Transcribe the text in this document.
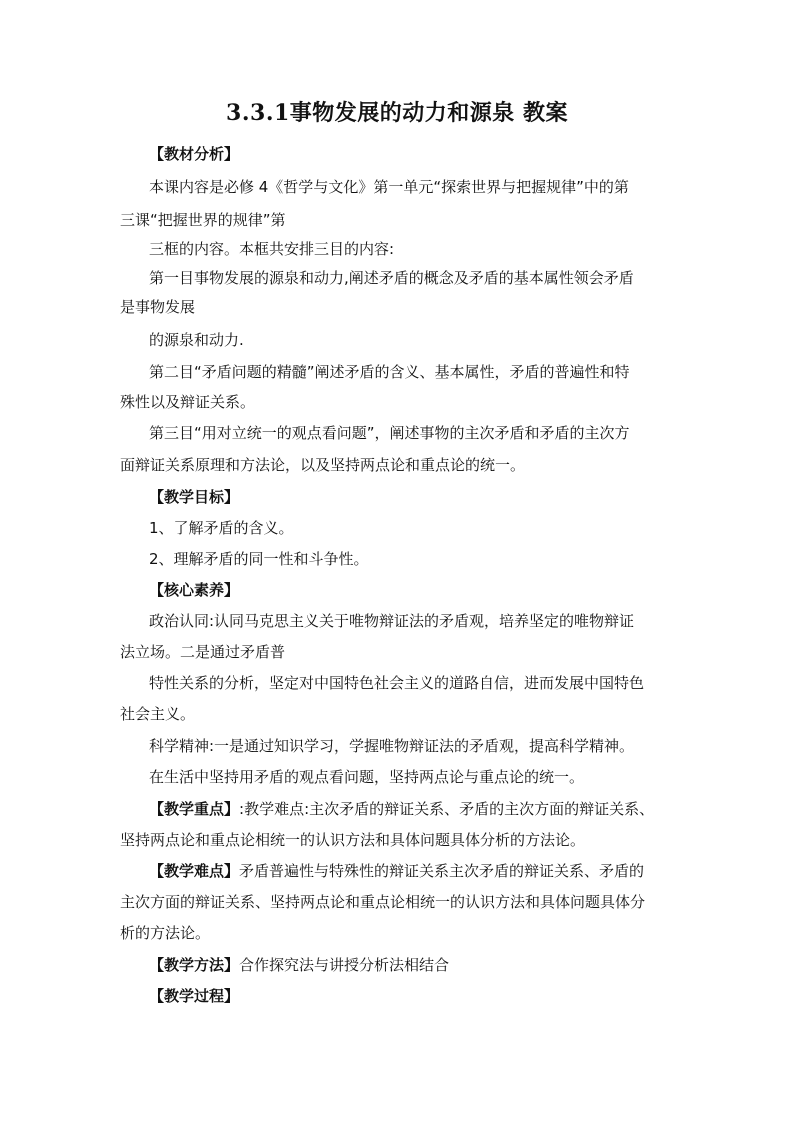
3.3.1事物发展的动力和源泉 教案
【教材分析】
本课内容是必修 4《哲学与文化》第一单元“探索世界与把握规律”中的第
三课“把握世界的规律”第
三框的内容。本框共安排三目的内容:
第一目事物发展的源泉和动力,阐述矛盾的概念及矛盾的基本属性领会矛盾
是事物发展
的源泉和动力.
第二目“矛盾问题的精髓”阐述矛盾的含义、基本属性，矛盾的普遍性和特
殊性以及辩证关系。
第三目“用对立统一的观点看问题”，阐述事物的主次矛盾和矛盾的主次方
面辩证关系原理和方法论，以及坚持两点论和重点论的统一。
【教学目标】
1、了解矛盾的含义。
2、理解矛盾的同一性和斗争性。
【核心素养】
政治认同:认同马克思主义关于唯物辩证法的矛盾观，培养坚定的唯物辩证
法立场。二是通过矛盾普
特性关系的分析，坚定对中国特色社会主义的道路自信，进而发展中国特色
社会主义。
科学精神:一是通过知识学习，学握唯物辩证法的矛盾观，提高科学精神。
在生活中坚持用矛盾的观点看问题，坚持两点论与重点论的统一。
【教学重点】:教学难点:主次矛盾的辩证关系、矛盾的主次方面的辩证关系、
坚持两点论和重点论相统一的认识方法和具体问题具体分析的方法论。
【教学难点】矛盾普遍性与特殊性的辩证关系主次矛盾的辩证关系、矛盾的
主次方面的辩证关系、坚持两点论和重点论相统一的认识方法和具体问题具体分
析的方法论。
【教学方法】合作探究法与讲授分析法相结合
【教学过程】
